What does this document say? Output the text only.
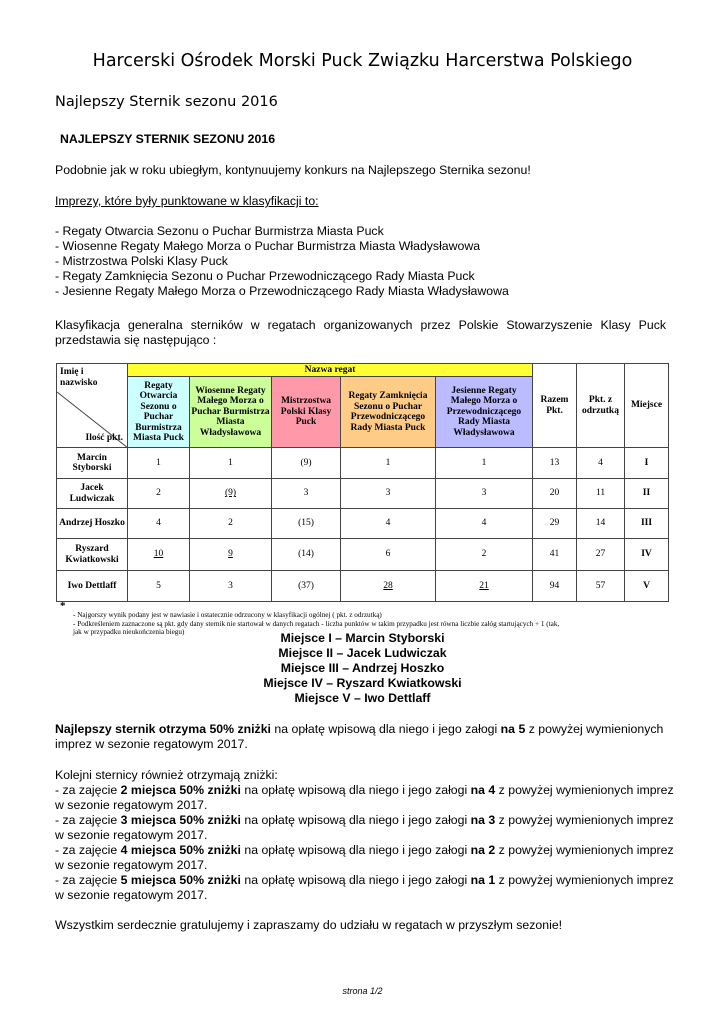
Harcerski Ośrodek Morski Puck Związku Harcerstwa Polskiego
Najlepszy Sternik sezonu 2016
NAJLEPSZY STERNIK SEZONU 2016
Podobnie jak w roku ubiegłym, kontynuujemy konkurs na Najlepszego Sternika sezonu!
Imprezy, które były punktowane w klasyfikacji to:
- Regaty Otwarcia Sezonu o Puchar Burmistrza Miasta Puck
- Wiosenne Regaty Małego Morza o Puchar Burmistrza Miasta Władysławowa
- Mistrzostwa Polski Klasy Puck
- Regaty Zamknięcia Sezonu o Puchar Przewodniczącego Rady Miasta Puck
- Jesienne Regaty Małego Morza o Przewodniczącego Rady Miasta Władysławowa
Klasyfikacja generalna sterników w regatach organizowanych przez Polskie Stowarzyszenie Klasy Puck przedstawia się następująco :
Imię i nazwisko
Ilość pkt.	Nazwa regat					Razem Pkt.	Pkt. z odrzutką	Miejsce
	Regaty Otwarcia Sezonu o Puchar Burmistrza Miasta Puck	Wiosenne Regaty Małego Morza o Puchar Burmistrza Miasta Władysławowa	Mistrzostwa Polski Klasy Puck	Regaty Zamknięcia Sezonu o Puchar Przewodniczącego Rady Miasta Puck	Jesienne Regaty Małego Morza o Przewodniczącego Rady Miasta Władysławowa			
Marcin Styborski	1	1	(9)	1	1	13	4	I
Jacek Ludwiczak	2	(9)	3	3	3	20	11	II
Andrzej Hoszko	4	2	(15)	4	4	29	14	III
Ryszard Kwiatkowski	10	9	(14)	6	2	41	27	IV
Iwo Dettlaff	5	3	(37)	28	21	94	57	V
*
- Najgorszy wynik podany jest w nawiasie i ostatecznie odrzucony w klasyfikacji ogólnej ( pkt. z odrzutką)
- Podkreśleniem zaznaczone są pkt. gdy dany sternik nie startował w danych regatach - liczba punktów w takim przypadku jest równa liczbie załóg startujących + 1 (tak,
jak w przypadku nieukończenia biegu)	Miejsce I – Marcin Styborski
Miejsce II – Jacek Ludwiczak
Miejsce III – Andrzej Hoszko
Miejsce IV – Ryszard Kwiatkowski
Miejsce V – Iwo Dettlaff
Najlepszy sternik otrzyma 50% zniżki na opłatę wpisową dla niego i jego załogi na 5 z powyżej wymienionych imprez w sezonie regatowym 2017.
Kolejni sternicy również otrzymają zniżki:
- za zajęcie 2 miejsca 50% zniżki na opłatę wpisową dla niego i jego załogi na 4 z powyżej wymienionych imprez w sezonie regatowym 2017.
- za zajęcie 3 miejsca 50% zniżki na opłatę wpisową dla niego i jego załogi na 3 z powyżej wymienionych imprez w sezonie regatowym 2017.
- za zajęcie 4 miejsca 50% zniżki na opłatę wpisową dla niego i jego załogi na 2 z powyżej wymienionych imprez w sezonie regatowym 2017.
- za zajęcie 5 miejsca 50% zniżki na opłatę wpisową dla niego i jego załogi na 1 z powyżej wymienionych imprez w sezonie regatowym 2017.
Wszystkim serdecznie gratulujemy i zapraszamy do udziału w regatach w przyszłym sezonie!
strona 1/2
